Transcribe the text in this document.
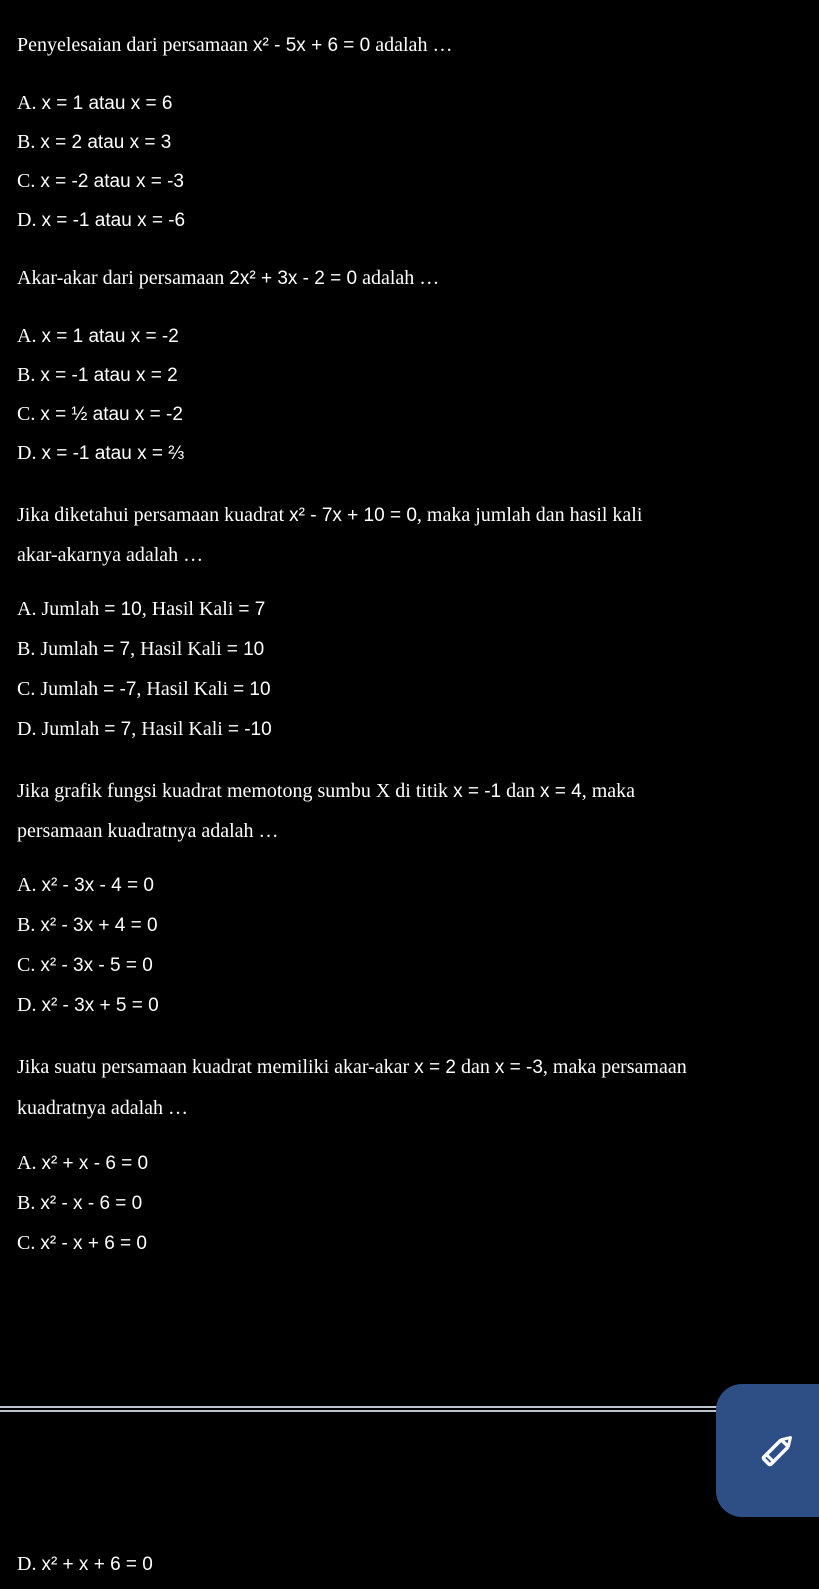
Penyelesaian dari persamaan x² - 5x + 6 = 0 adalah …
A. x = 1 atau x = 6
B. x = 2 atau x = 3
C. x = -2 atau x = -3
D. x = -1 atau x = -6
Akar-akar dari persamaan 2x² + 3x - 2 = 0 adalah …
A. x = 1 atau x = -2
B. x = -1 atau x = 2
C. x = ½ atau x = -2
D. x = -1 atau x = ⅔
Jika diketahui persamaan kuadrat x² - 7x + 10 = 0, maka jumlah dan hasil kali
akar-akarnya adalah …
A. Jumlah = 10, Hasil Kali = 7
B. Jumlah = 7, Hasil Kali = 10
C. Jumlah = -7, Hasil Kali = 10
D. Jumlah = 7, Hasil Kali = -10
Jika grafik fungsi kuadrat memotong sumbu X di titik x = -1 dan x = 4, maka
persamaan kuadratnya adalah …
A. x² - 3x - 4 = 0
B. x² - 3x + 4 = 0
C. x² - 3x - 5 = 0
D. x² - 3x + 5 = 0
Jika suatu persamaan kuadrat memiliki akar-akar x = 2 dan x = -3, maka persamaan
kuadratnya adalah …
A. x² + x - 6 = 0
B. x² - x - 6 = 0
C. x² - x + 6 = 0
D. x² + x + 6 = 0
